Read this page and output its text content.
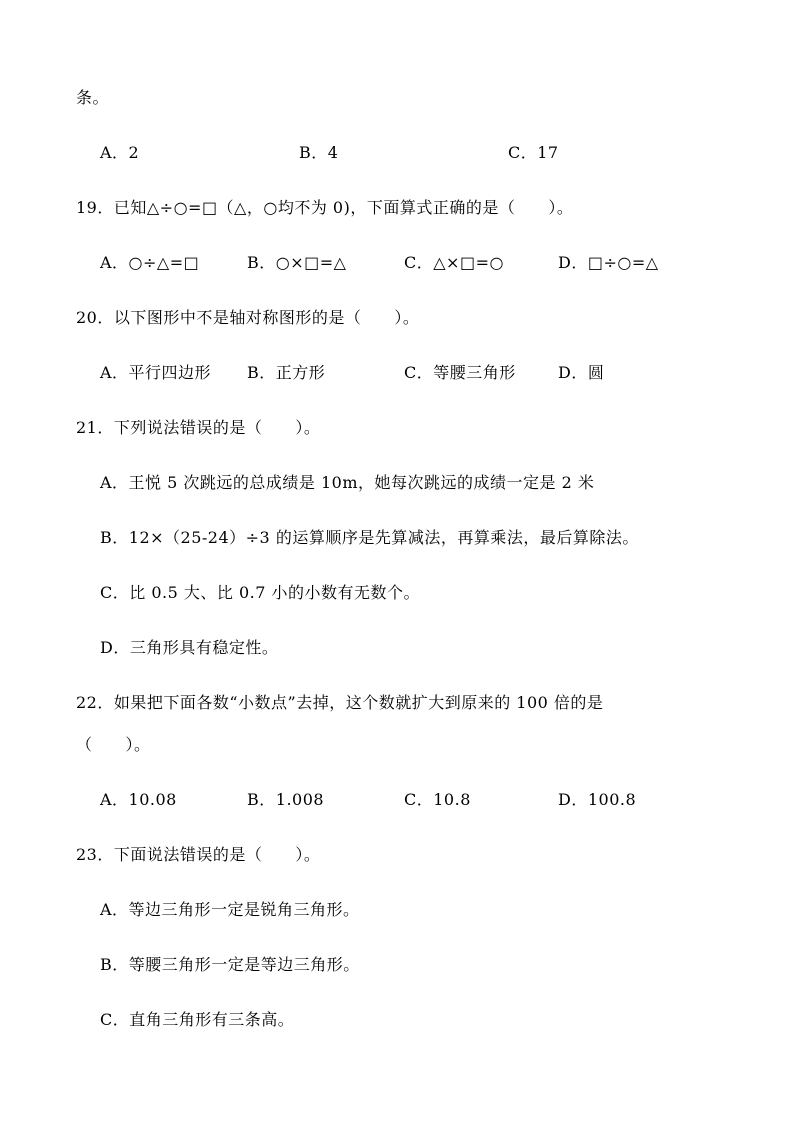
条。
A．2	B．4	C．17
19．已知△÷○=□（△，○均不为 0)，下面算式正确的是（　　）。
A．○÷△=□	B．○×□=△	C．△×□=○	D．□÷○=△
20．以下图形中不是轴对称图形的是（　　）。
A．平行四边形 B．正方形	C．等腰三角形	D．圆
21．下列说法错误的是（　　）。
A．王悦 5 次跳远的总成绩是 10m，她每次跳远的成绩一定是 2 米
B．12×（25-24）÷3 的运算顺序是先算减法，再算乘法，最后算除法。
C．比 0.5 大、比 0.7 小的小数有无数个。
D．三角形具有稳定性。
22．如果把下面各数“小数点”去掉，这个数就扩大到原来的 100 倍的是
（　　）。
A．10.08	B．1.008	C．10.8	D．100.8
23．下面说法错误的是（　　）。
A．等边三角形一定是锐角三角形。
B．等腰三角形一定是等边三角形。
C．直角三角形有三条高。
